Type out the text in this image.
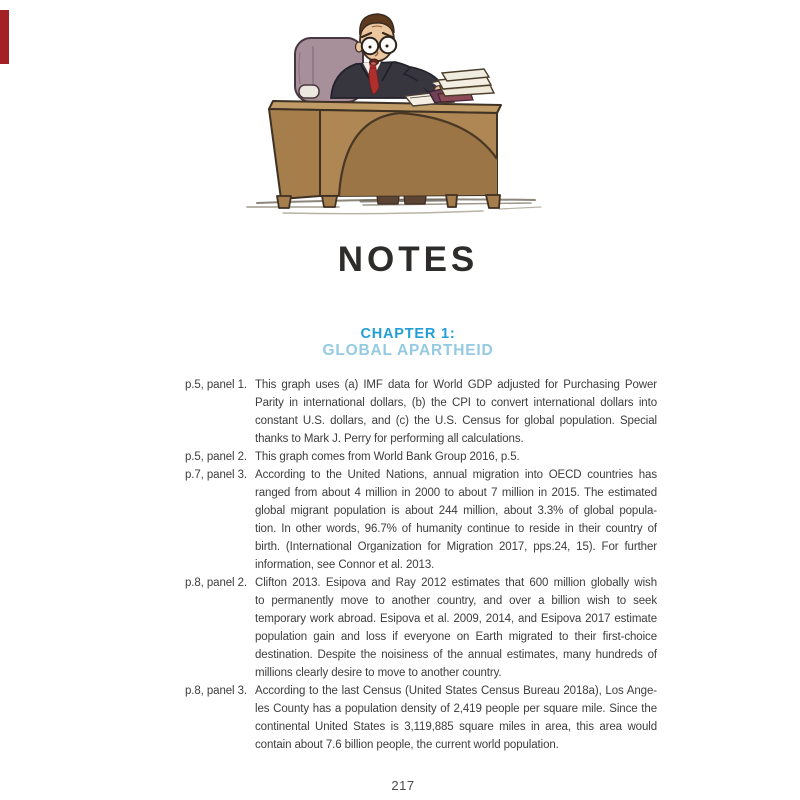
NOTES
CHAPTER 1:
GLOBAL APARTHEID
p.5, panel 1. This graph uses (a) IMF data for World GDP adjusted for Purchasing Power
Parity in international dollars, (b) the CPI to convert international dollars into
constant U.S. dollars, and (c) the U.S. Census for global population. Special
thanks to Mark J. Perry for performing all calculations.
p.5, panel 2. This graph comes from World Bank Group 2016, p.5.
p.7, panel 3. According to the United Nations, annual migration into OECD countries has
ranged from about 4 million in 2000 to about 7 million in 2015. The estimated
global migrant population is about 244 million, about 3.3% of global popula-
tion. In other words, 96.7% of humanity continue to reside in their country of
birth. (International Organization for Migration 2017, pps.24, 15). For further
information, see Connor et al. 2013.
p.8, panel 2. Clifton 2013. Esipova and Ray 2012 estimates that 600 million globally wish
to permanently move to another country, and over a billion wish to seek
temporary work abroad. Esipova et al. 2009, 2014, and Esipova 2017 estimate
population gain and loss if everyone on Earth migrated to their first-choice
destination. Despite the noisiness of the annual estimates, many hundreds of
millions clearly desire to move to another country.
p.8, panel 3. According to the last Census (United States Census Bureau 2018a), Los Ange-
les County has a population density of 2,419 people per square mile. Since the
continental United States is 3,119,885 square miles in area, this area would
contain about 7.6 billion people, the current world population.
217
